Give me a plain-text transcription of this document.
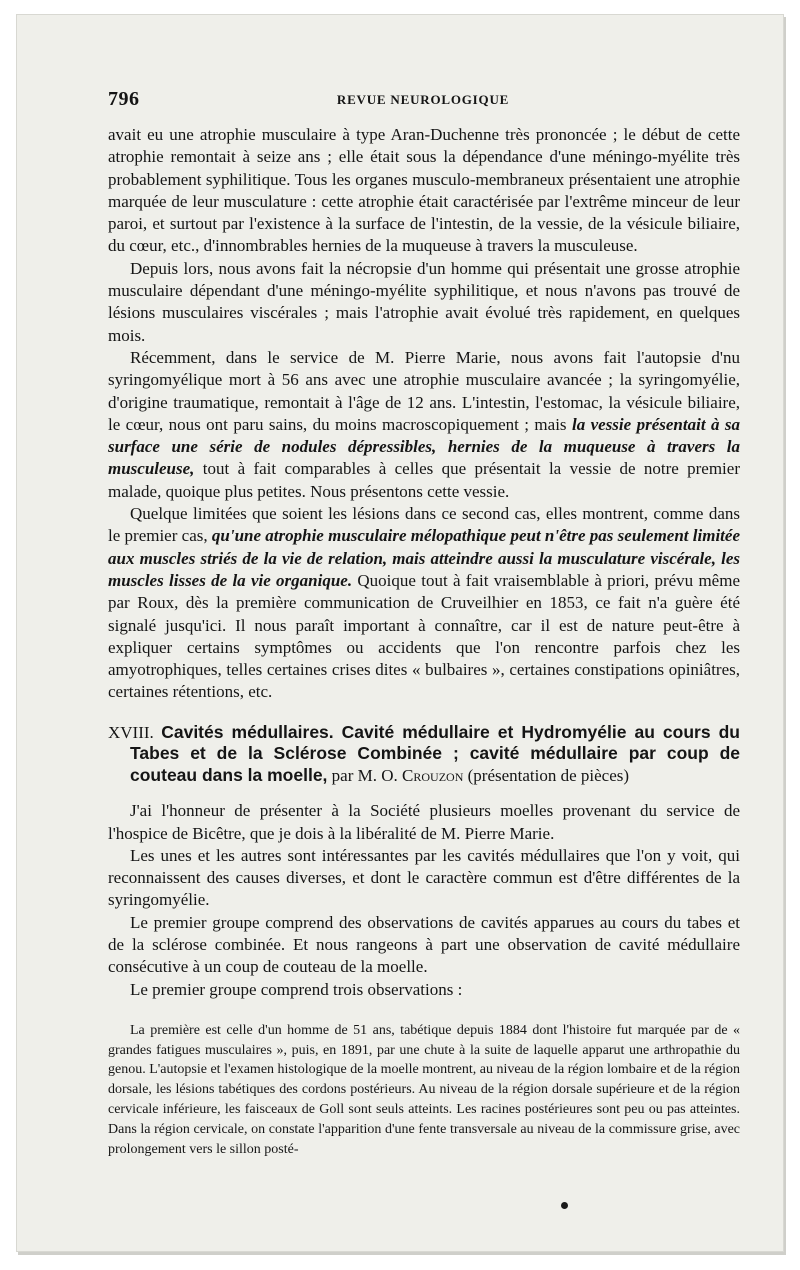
796	REVUE NEUROLOGIQUE

avait eu une atrophie musculaire à type Aran-Duchenne très prononcée ; le début de cette atrophie remontait à seize ans ; elle était sous la dépendance d'une méningo-myélite très probablement syphilitique. Tous les organes musculo-membraneux présentaient une atrophie marquée de leur musculature : cette atrophie était caractérisée par l'extrême minceur de leur paroi, et surtout par l'existence à la surface de l'intestin, de la vessie, de la vésicule biliaire, du cœur, etc., d'innombrables hernies de la muqueuse à travers la musculeuse.

Depuis lors, nous avons fait la nécropsie d'un homme qui présentait une grosse atrophie musculaire dépendant d'une méningo-myélite syphilitique, et nous n'avons pas trouvé de lésions musculaires viscérales ; mais l'atrophie avait évolué très rapidement, en quelques mois.

Récemment, dans le service de M. Pierre Marie, nous avons fait l'autopsie d'nu syringomyélique mort à 56 ans avec une atrophie musculaire avancée ; la syringomyélie, d'origine traumatique, remontait à l'âge de 12 ans. L'intestin, l'estomac, la vésicule biliaire, le cœur, nous ont paru sains, du moins macroscopiquement ; mais la vessie présentait à sa surface une série de nodules dépressibles, hernies de la muqueuse à travers la musculeuse, tout à fait comparables à celles que présentait la vessie de notre premier malade, quoique plus petites. Nous présentons cette vessie.

Quelque limitées que soient les lésions dans ce second cas, elles montrent, comme dans le premier cas, qu'une atrophie musculaire mélopathique peut n'être pas seulement limitée aux muscles striés de la vie de relation, mais atteindre aussi la musculature viscérale, les muscles lisses de la vie organique. Quoique tout à fait vraisemblable à priori, prévu même par Roux, dès la première communication de Cruveilhier en 1853, ce fait n'a guère été signalé jusqu'ici. Il nous paraît important à connaître, car il est de nature peut-être à expliquer certains symptômes ou accidents que l'on rencontre parfois chez les amyotrophiques, telles certaines crises dites « bulbaires », certaines constipations opiniâtres, certaines rétentions, etc.

XVIII. Cavités médullaires. Cavité médullaire et Hydromyélie au cours du Tabes et de la Sclérose Combinée ; cavité médullaire par coup de couteau dans la moelle, par M. O. Crouzon (présentation de pièces)

J'ai l'honneur de présenter à la Société plusieurs moelles provenant du service de l'hospice de Bicêtre, que je dois à la libéralité de M. Pierre Marie.

Les unes et les autres sont intéressantes par les cavités médullaires que l'on y voit, qui reconnaissent des causes diverses, et dont le caractère commun est d'être différentes de la syringomyélie.

Le premier groupe comprend des observations de cavités apparues au cours du tabes et de la sclérose combinée. Et nous rangeons à part une observation de cavité médullaire consécutive à un coup de couteau de la moelle.

Le premier groupe comprend trois observations :

La première est celle d'un homme de 51 ans, tabétique depuis 1884 dont l'histoire fut marquée par de « grandes fatigues musculaires », puis, en 1891, par une chute à la suite de laquelle apparut une arthropathie du genou. L'autopsie et l'examen histologique de la moelle montrent, au niveau de la région lombaire et de la région dorsale, les lésions tabétiques des cordons postérieurs. Au niveau de la région dorsale supérieure et de la région cervicale inférieure, les faisceaux de Goll sont seuls atteints. Les racines postérieures sont peu ou pas atteintes. Dans la région cervicale, on constate l'apparition d'une fente transversale au niveau de la commissure grise, avec prolongement vers le sillon posté-
